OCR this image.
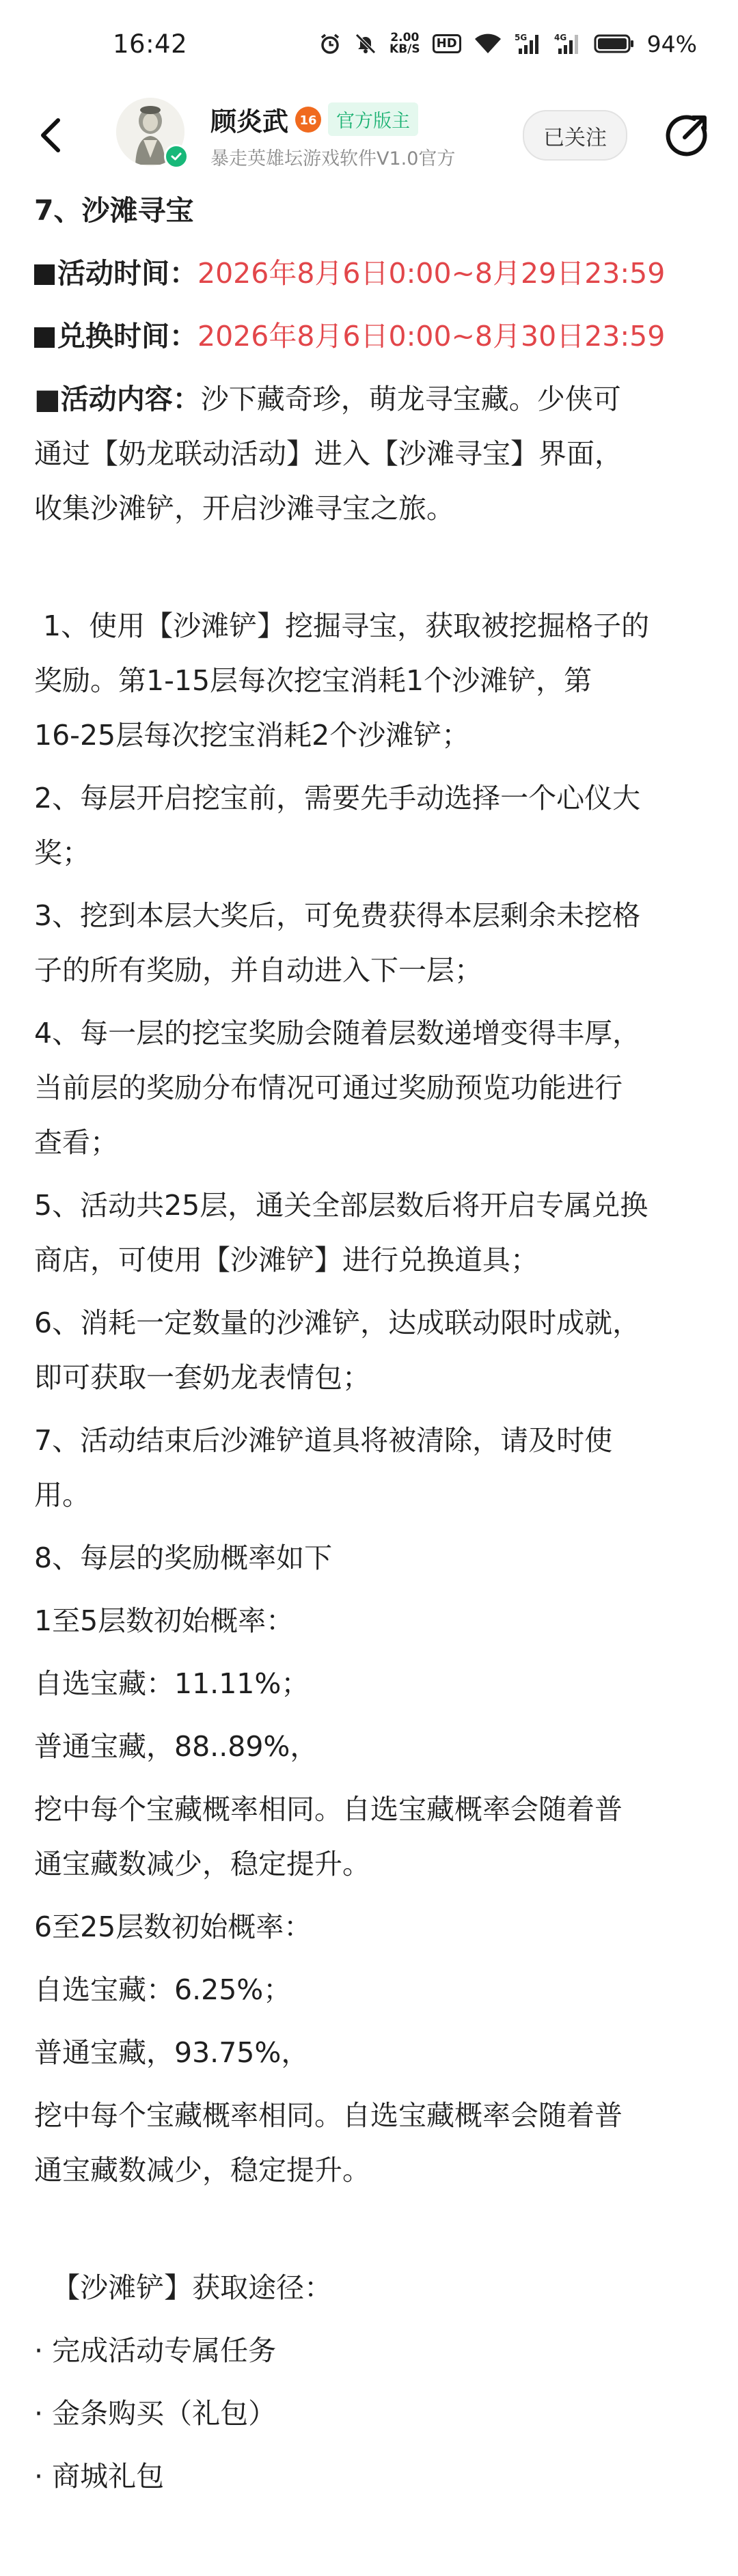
16:42	2.00
KB/S	HD	5G	4G	94%
顾炎武 16	官方版主
暴走英雄坛游戏软件V1.0官方
已关注

7、沙滩寻宝

活动时间：2026年8月6日0:00~8月29日23:59

兑换时间：2026年8月6日0:00~8月30日23:59

■活动内容：沙下藏奇珍，萌龙寻宝藏。少侠可

通过【奶龙联动活动】进入【沙滩寻宝】界面，

收集沙滩铲，开启沙滩寻宝之旅。

1、使用【沙滩铲】挖掘寻宝，获取被挖掘格子的

奖励。第1-15层每次挖宝消耗1个沙滩铲，第

16-25层每次挖宝消耗2个沙滩铲；

2、每层开启挖宝前，需要先手动选择一个心仪大

奖；

3、挖到本层大奖后，可免费获得本层剩余未挖格

子的所有奖励，并自动进入下一层；

4、每一层的挖宝奖励会随着层数递增变得丰厚，

当前层的奖励分布情况可通过奖励预览功能进行

查看；

5、活动共25层，通关全部层数后将开启专属兑换

商店，可使用【沙滩铲】进行兑换道具；

6、消耗一定数量的沙滩铲，达成联动限时成就，

即可获取一套奶龙表情包；

7、活动结束后沙滩铲道具将被清除，请及时使

用。

8、每层的奖励概率如下

1至5层数初始概率：

自选宝藏：11.11%；

普通宝藏，88..89%，

挖中每个宝藏概率相同。自选宝藏概率会随着普

通宝藏数减少，稳定提升。

6至25层数初始概率：

自选宝藏：6.25%；

普通宝藏，93.75%，

挖中每个宝藏概率相同。自选宝藏概率会随着普

通宝藏数减少，稳定提升。

【沙滩铲】获取途径：

· 完成活动专属任务

· 金条购买（礼包）

· 商城礼包
